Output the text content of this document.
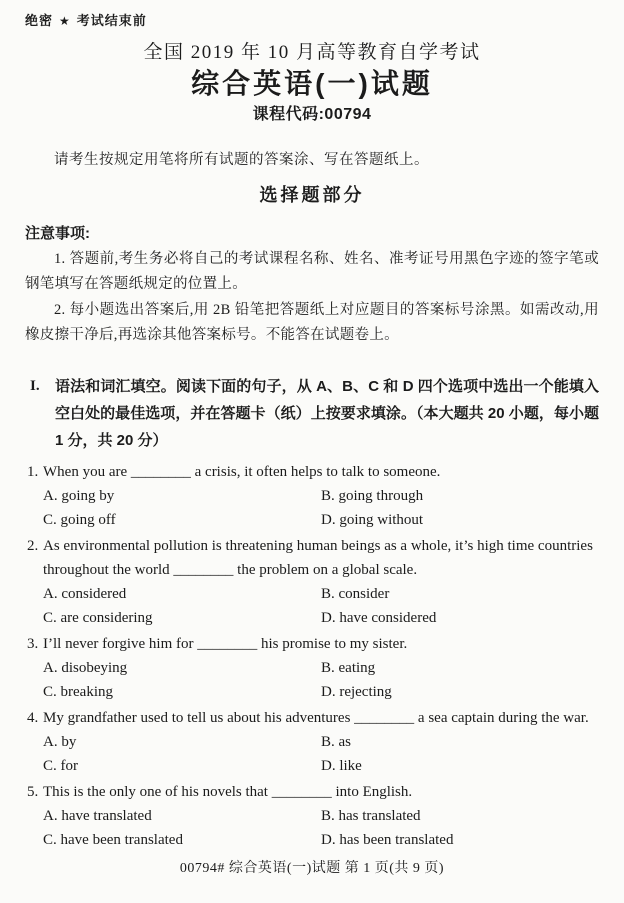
绝密 ★ 考试结束前
全国 2019 年 10 月高等教育自学考试
综合英语(一)试题
课程代码:00794

请考生按规定用笔将所有试题的答案涂、写在答题纸上。

选择题部分
注意事项:

1. 答题前,考生务必将自己的考试课程名称、姓名、准考证号用黑色字迹的签字笔或钢笔填写在答题纸规定的位置上。

2. 每小题选出答案后,用 2B 铅笔把答题纸上对应题目的答案标号涂黑。如需改动,用橡皮擦干净后,再选涂其他答案标号。不能答在试题卷上。

I.	语法和词汇填空。阅读下面的句子，从 A、B、C 和 D 四个选项中选出一个能填入空白处的最佳选项，并在答题卡（纸）上按要求填涂。（本大题共 20 小题，每小题 1 分，共 20 分）
1. When you are ________ a crisis, it often helps to talk to someone.
A. going by	B. going through
C. going off	D. going without
2. As environmental pollution is threatening human beings as a whole, it’s high time countries throughout the world ________ the problem on a global scale.
A. considered	B. consider
C. are considering	D. have considered
3. I’ll never forgive him for ________ his promise to my sister.
A. disobeying	B. eating
C. breaking	D. rejecting
4. My grandfather used to tell us about his adventures ________ a sea captain during the war.
A. by	B. as
C. for	D. like
5. This is the only one of his novels that ________ into English.
A. have translated	B. has translated
C. have been translated	D. has been translated
00794# 综合英语(一)试题 第 1 页(共 9 页)
